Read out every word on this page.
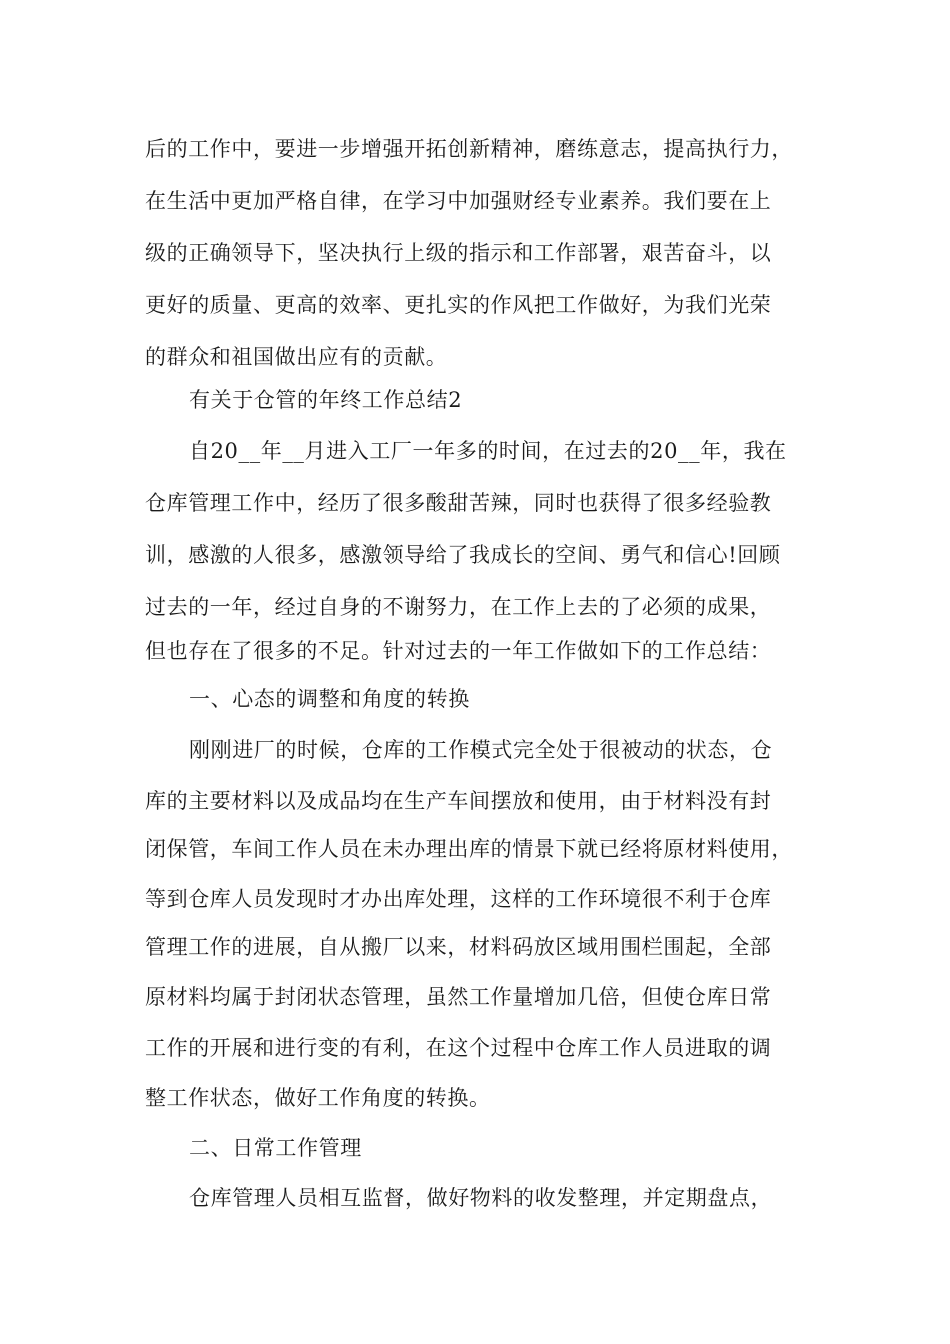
后的工作中，要进一步增强开拓创新精神，磨练意志，提高执行力，
在生活中更加严格自律，在学习中加强财经专业素养。我们要在上
级的正确领导下，坚决执行上级的指示和工作部署，艰苦奋斗，以
更好的质量、更高的效率、更扎实的作风把工作做好，为我们光荣
的群众和祖国做出应有的贡献。
有关于仓管的年终工作总结2
自20__年__月进入工厂一年多的时间，在过去的20__年，我在
仓库管理工作中，经历了很多酸甜苦辣，同时也获得了很多经验教
训，感激的人很多，感激领导给了我成长的空间、勇气和信心!回顾
过去的一年，经过自身的不谢努力，在工作上去的了必须的成果，
但也存在了很多的不足。针对过去的一年工作做如下的工作总结：
一、心态的调整和角度的转换
刚刚进厂的时候，仓库的工作模式完全处于很被动的状态，仓
库的主要材料以及成品均在生产车间摆放和使用，由于材料没有封
闭保管，车间工作人员在未办理出库的情景下就已经将原材料使用，
等到仓库人员发现时才办出库处理，这样的工作环境很不利于仓库
管理工作的进展，自从搬厂以来，材料码放区域用围栏围起，全部
原材料均属于封闭状态管理，虽然工作量增加几倍，但使仓库日常
工作的开展和进行变的有利，在这个过程中仓库工作人员进取的调
整工作状态，做好工作角度的转换。
二、日常工作管理
仓库管理人员相互监督，做好物料的收发整理，并定期盘点，
